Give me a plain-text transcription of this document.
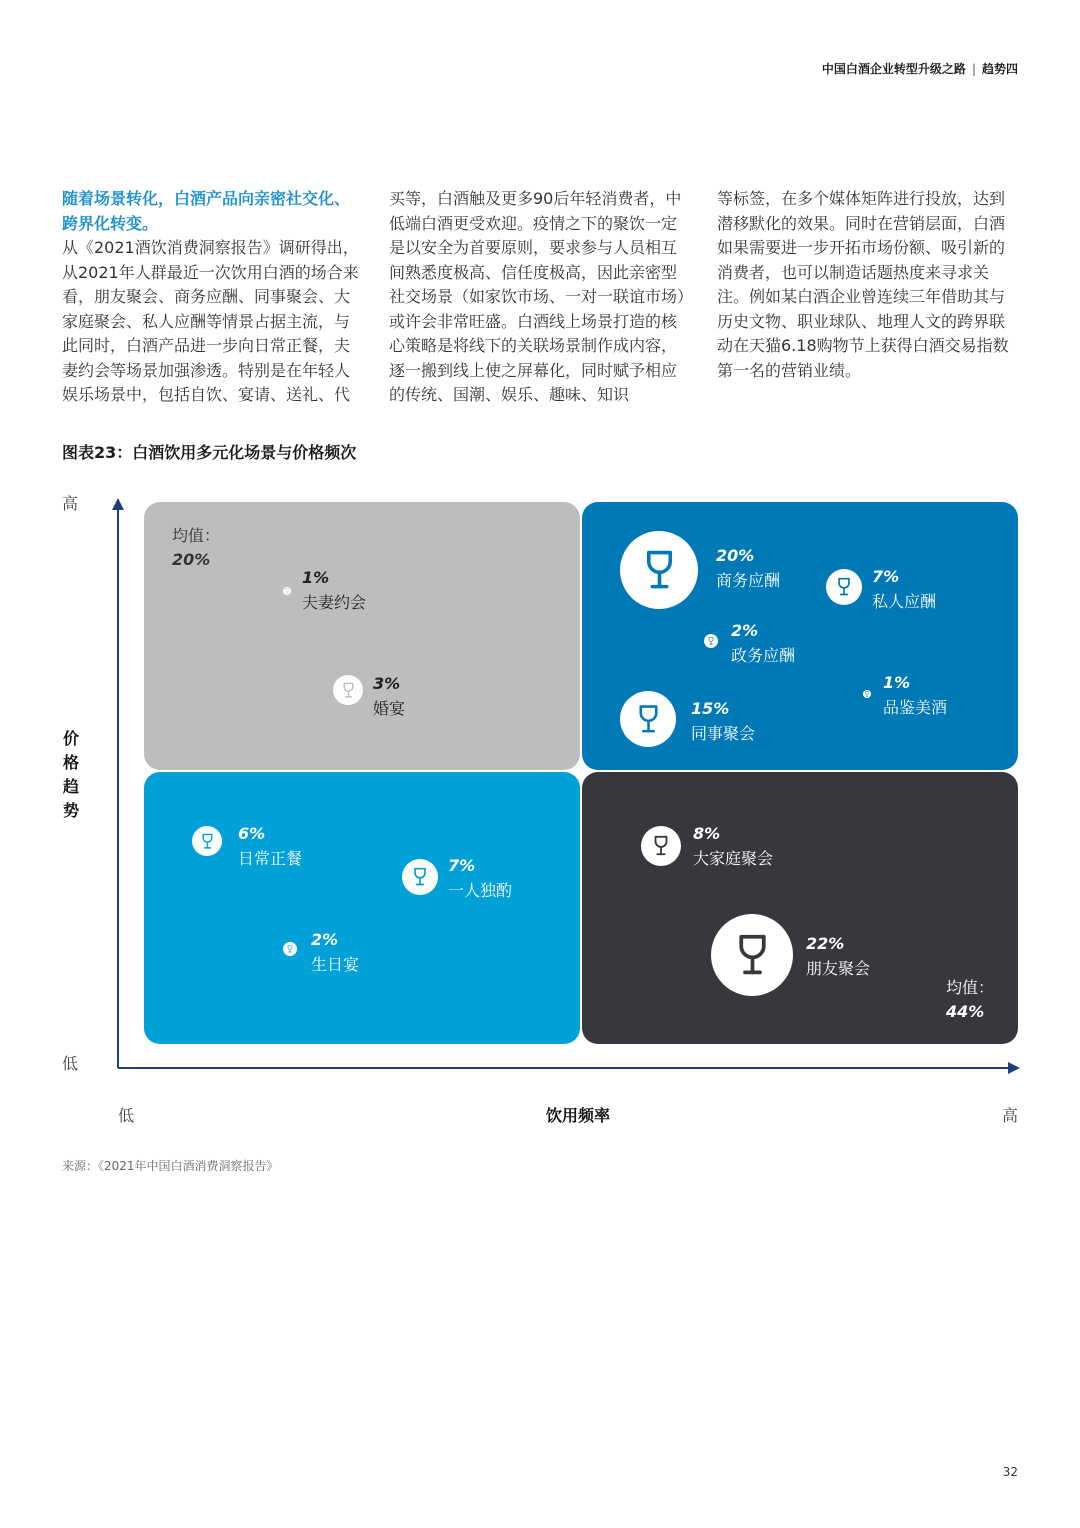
中国白酒企业转型升级之路 | 趋势四
随着场景转化，白酒产品向亲密社交化、跨界化转变。
从《2021酒饮消费洞察报告》调研得出，从2021年人群最近一次饮用白酒的场合来看，朋友聚会、商务应酬、同事聚会、大家庭聚会、私人应酬等情景占据主流，与此同时，白酒产品进一步向日常正餐，夫妻约会等场景加强渗透。特别是在年轻人娱乐场景中，包括自饮、宴请、送礼、代
买等，白酒触及更多90后年轻消费者，中低端白酒更受欢迎。疫情之下的聚饮一定是以安全为首要原则，要求参与人员相互间熟悉度极高、信任度极高，因此亲密型社交场景（如家饮市场、一对一联谊市场）或许会非常旺盛。白酒线上场景打造的核心策略是将线下的关联场景制作成内容，逐一搬到线上使之屏幕化，同时赋予相应的传统、国潮、娱乐、趣味、知识
等标签，在多个媒体矩阵进行投放，达到潜移默化的效果。同时在营销层面，白酒如果需要进一步开拓市场份额、吸引新的消费者，也可以制造话题热度来寻求关注。例如某白酒企业曾连续三年借助其与历史文物、职业球队、地理人文的跨界联动在天猫6.18购物节上获得白酒交易指数第一名的营销业绩。
图表23：白酒饮用多元化场景与价格频次
高
低
低	高
价格趋势
饮用频率
均值：
20%
均值：
44%
1%
夫妻约会
3%
婚宴
20%
商务应酬	7%
私人应酬
2%
政务应酬
1%
品鉴美酒
15%
同事聚会
6%
日常正餐	7%
一人独酌
2%
生日宴
8%
大家庭聚会
22%
朋友聚会
来源：《2021年中国白酒消费洞察报告》
32
